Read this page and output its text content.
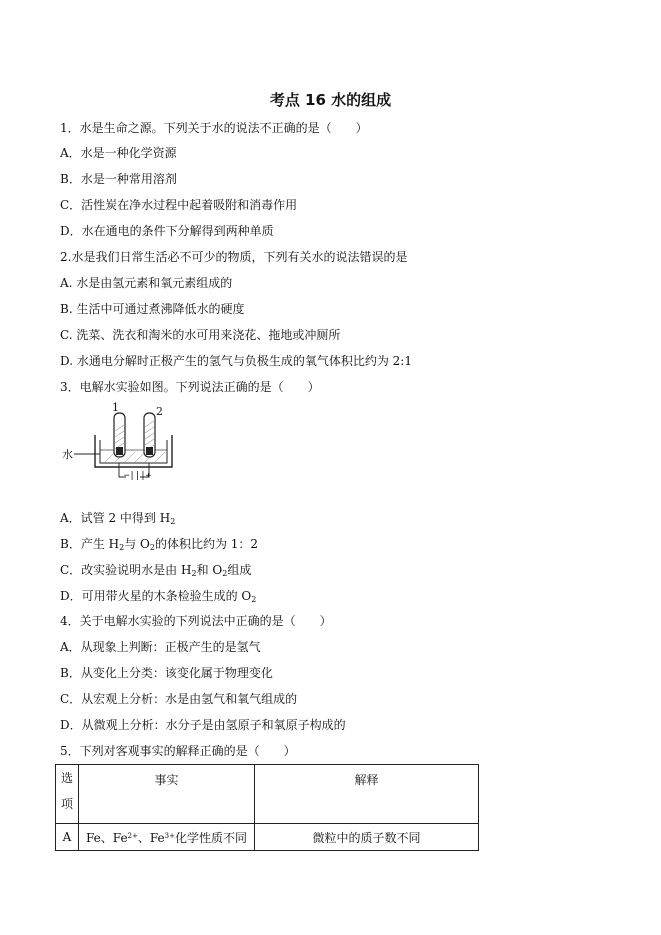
考点 16 水的组成
1．水是生命之源。下列关于水的说法不正确的是（　　）
A．水是一种化学资源
B．水是一种常用溶剂
C．活性炭在净水过程中起着吸附和消毒作用
D．水在通电的条件下分解得到两种单质
2.水是我们日常生活必不可少的物质，下列有关水的说法错误的是
A. 水是由氢元素和氧元素组成的
B. 生活中可通过煮沸降低水的硬度
C. 洗菜、洗衣和淘米的水可用来浇花、拖地或冲厕所
D. 水通电分解时正极产生的氢气与负极生成的氧气体积比约为 2:1
3．电解水实验如图。下列说法正确的是（　　）
1	2
水
−|||+
A．试管 2 中得到 $H_2$
B．产生 $H_2$与 $O_2$的体积比约为 1：2
C．改实验说明水是由 $H_2$和 $O_2$组成
D．可用带火星的木条检验生成的 $O_2$
4．关于电解水实验的下列说法中正确的是（　　）
A．从现象上判断：正极产生的是氢气
B．从变化上分类：该变化属于物理变化
C．从宏观上分析：水是由氢气和氧气组成的
D．从微观上分析：水分子是由氢原子和氧原子构成的
5．下列对客观事实的解释正确的是（　　）
选
项	事实	解释
A	Fe、$Fe^{2+}$、$Fe^{3+}$化学性质不同	微粒中的质子数不同
